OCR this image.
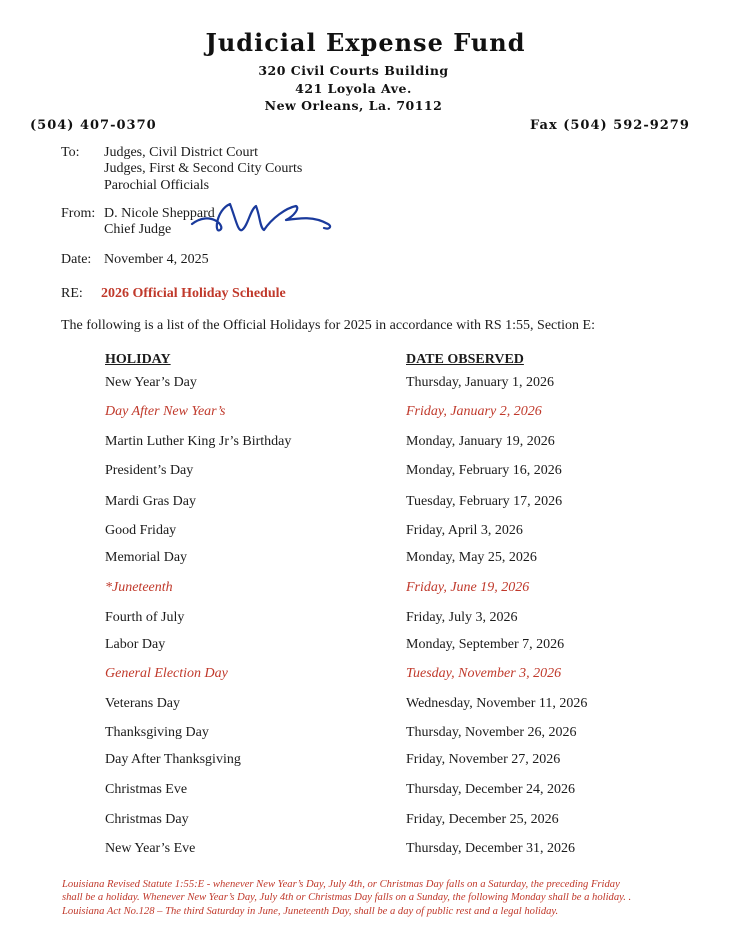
Judicial Expense Fund
320 Civil Courts Building
421 Loyola Ave.
New Orleans, La. 70112
(504) 407-0370	Fax (504) 592-9279
To: Judges, Civil District Court
Judges, First & Second City Courts
Parochial Officials
From: D. Nicole Sheppard
Chief Judge
Date: November 4, 2025
RE: 2026 Official Holiday Schedule
The following is a list of the Official Holidays for 2025 in accordance with RS 1:55, Section E:
HOLIDAY	DATE OBSERVED
New Year’s Day	Thursday, January 1, 2026
Day After New Year’s	Friday, January 2, 2026
Martin Luther King Jr’s Birthday	Monday, January 19, 2026
President’s Day	Monday, February 16, 2026
Mardi Gras Day	Tuesday, February 17, 2026
Good Friday	Friday, April 3, 2026
Memorial Day	Monday, May 25, 2026
*Juneteenth	Friday, June 19, 2026
Fourth of July	Friday, July 3, 2026
Labor Day	Monday, September 7, 2026
General Election Day	Tuesday, November 3, 2026
Veterans Day	Wednesday, November 11, 2026
Thanksgiving Day	Thursday, November 26, 2026
Day After Thanksgiving	Friday, November 27, 2026
Christmas Eve	Thursday, December 24, 2026
Christmas Day	Friday, December 25, 2026
New Year’s Eve	Thursday, December 31, 2026
Louisiana Revised Statute 1:55:E - whenever New Year’s Day, July 4th, or Christmas Day falls on a Saturday, the preceding Friday shall be a holiday. Whenever New Year’s Day, July 4th or Christmas Day falls on a Sunday, the following Monday shall be a holiday. . Louisiana Act No.128 – The third Saturday in June, Juneteenth Day, shall be a day of public rest and a legal holiday.
